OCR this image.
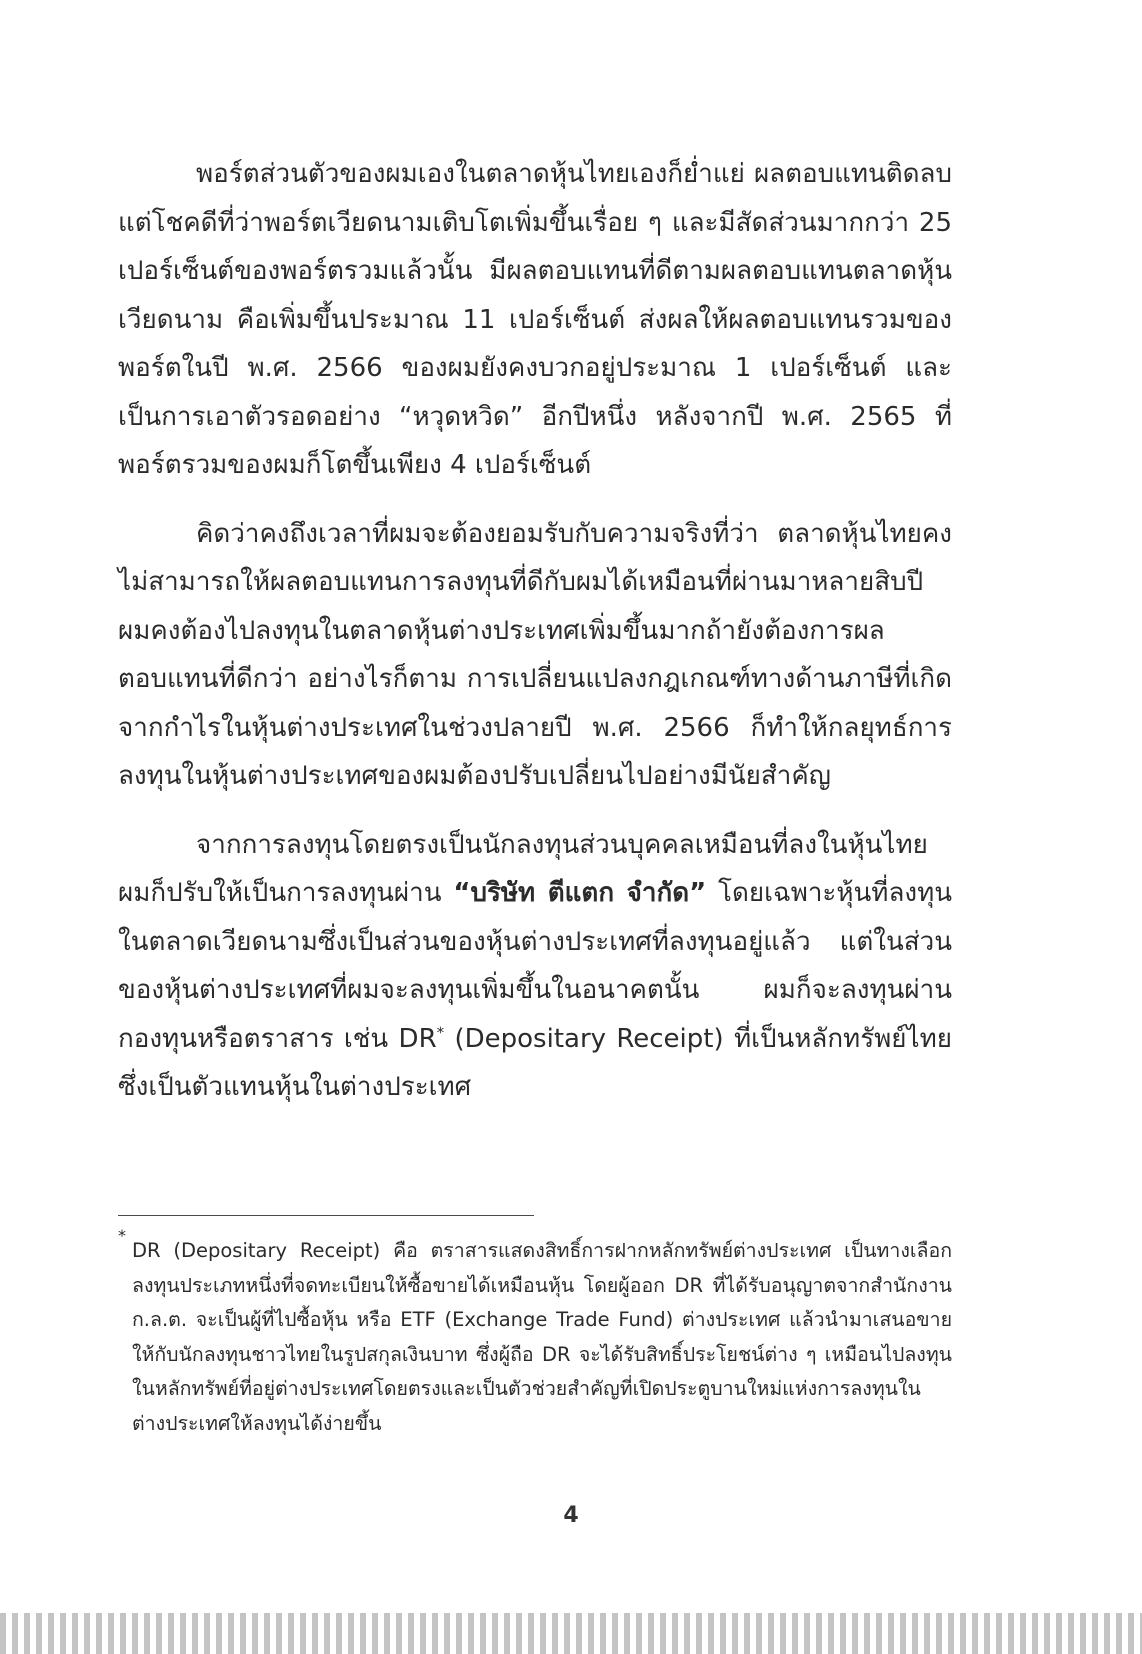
พอร์ตส่วนตัวของผมเองในตลาดหุ้นไทยเองก็ย่ำแย่ ผลตอบแทนติดลบ แต่โชคดีที่ว่าพอร์ตเวียดนามเติบโตเพิ่มขึ้นเรื่อย ๆ และมีสัดส่วนมากกว่า 25 เปอร์เซ็นต์ของพอร์ตรวมแล้วนั้น มีผลตอบแทนที่ดีตามผลตอบแทนตลาดหุ้นเวียดนาม คือเพิ่มขึ้นประมาณ 11 เปอร์เซ็นต์ ส่งผลให้ผลตอบแทนรวมของพอร์ตในปี พ.ศ. 2566 ของผมยังคงบวกอยู่ประมาณ 1 เปอร์เซ็นต์ และเป็นการเอาตัวรอดอย่าง “หวุดหวิด” อีกปีหนึ่ง หลังจากปี พ.ศ. 2565 ที่พอร์ตรวมของผมก็โตขึ้นเพียง 4 เปอร์เซ็นต์

คิดว่าคงถึงเวลาที่ผมจะต้องยอมรับกับความจริงที่ว่า ตลาดหุ้นไทยคงไม่สามารถให้ผลตอบแทนการลงทุนที่ดีกับผมได้เหมือนที่ผ่านมาหลายสิบปี ผมคงต้องไปลงทุนในตลาดหุ้นต่างประเทศเพิ่มขึ้นมากถ้ายังต้องการผลตอบแทนที่ดีกว่า อย่างไรก็ตาม การเปลี่ยนแปลงกฎเกณฑ์ทางด้านภาษีที่เกิดจากกำไรในหุ้นต่างประเทศในช่วงปลายปี พ.ศ. 2566 ก็ทำให้กลยุทธ์การลงทุนในหุ้นต่างประเทศของผมต้องปรับเปลี่ยนไปอย่างมีนัยสำคัญ

จากการลงทุนโดยตรงเป็นนักลงทุนส่วนบุคคลเหมือนที่ลงในหุ้นไทย ผมก็ปรับให้เป็นการลงทุนผ่าน “บริษัท ตีแตก จำกัด” โดยเฉพาะหุ้นที่ลงทุนในตลาดเวียดนามซึ่งเป็นส่วนของหุ้นต่างประเทศที่ลงทุนอยู่แล้ว แต่ในส่วนของหุ้นต่างประเทศที่ผมจะลงทุนเพิ่มขึ้นในอนาคตนั้น ผมก็จะลงทุนผ่านกองทุนหรือตราสาร เช่น DR* (Depositary Receipt) ที่เป็นหลักทรัพย์ไทยซึ่งเป็นตัวแทนหุ้นในต่างประเทศ

*
DR (Depositary Receipt) คือ ตราสารแสดงสิทธิ์การฝากหลักทรัพย์ต่างประเทศ เป็นทางเลือกลงทุนประเภทหนึ่งที่จดทะเบียนให้ซื้อขายได้เหมือนหุ้น โดยผู้ออก DR ที่ได้รับอนุญาตจากสำนักงาน ก.ล.ต. จะเป็นผู้ที่ไปซื้อหุ้น หรือ ETF (Exchange Trade Fund) ต่างประเทศ แล้วนำมาเสนอขายให้กับนักลงทุนชาวไทยในรูปสกุลเงินบาท ซึ่งผู้ถือ DR จะได้รับสิทธิ์ประโยชน์ต่าง ๆ เหมือนไปลงทุนในหลักทรัพย์ที่อยู่ต่างประเทศโดยตรงและเป็นตัวช่วยสำคัญที่เปิดประตูบานใหม่แห่งการลงทุนในต่างประเทศให้ลงทุนได้ง่ายขึ้น
4
